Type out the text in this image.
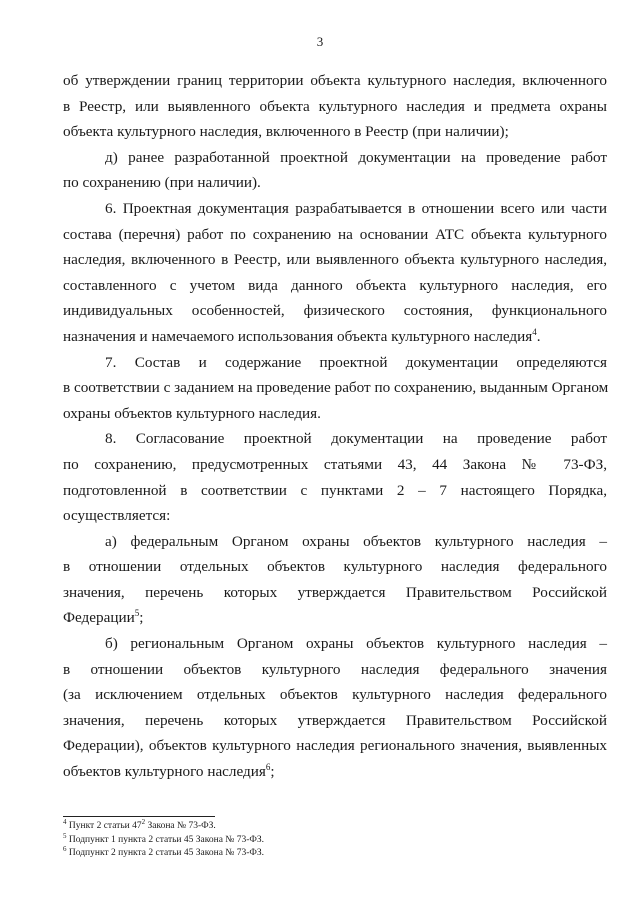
3
об утверждении границ территории объекта культурного наследия, включенного
в Реестр, или выявленного объекта культурного наследия и предмета охраны
объекта культурного наследия, включенного в Реестр (при наличии);
д) ранее разработанной проектной документации на проведение работ
по сохранению (при наличии).
6. Проектная документация разрабатывается в отношении всего или части
состава (перечня) работ по сохранению на основании АТС объекта культурного
наследия, включенного в Реестр, или выявленного объекта культурного наследия,
составленного с учетом вида данного объекта культурного наследия, его
индивидуальных особенностей, физического состояния, функционального
назначения и намечаемого использования объекта культурного наследия$^4$.
7. Состав и содержание проектной документации определяются
в соответствии с заданием на проведение работ по сохранению, выданным Органом
охраны объектов культурного наследия.
8. Согласование проектной документации на проведение работ
по сохранению, предусмотренных статьями 43, 44 Закона № 73-ФЗ,
подготовленной в соответствии с пунктами 2 – 7 настоящего Порядка,
осуществляется:
а) федеральным Органом охраны объектов культурного наследия –
в отношении отдельных объектов культурного наследия федерального
значения, перечень которых утверждается Правительством Российской
Федерации$^5$;
б) региональным Органом охраны объектов культурного наследия –
в отношении объектов культурного наследия федерального значения
(за исключением отдельных объектов культурного наследия федерального
значения, перечень которых утверждается Правительством Российской
Федерации), объектов культурного наследия регионального значения, выявленных
объектов культурного наследия$^6$;
$^4$ Пункт 2 статьи $47^2$ Закона № 73-ФЗ.
$^5$ Подпункт 1 пункта 2 статьи 45 Закона № 73-ФЗ.
$^6$ Подпункт 2 пункта 2 статьи 45 Закона № 73-ФЗ.
